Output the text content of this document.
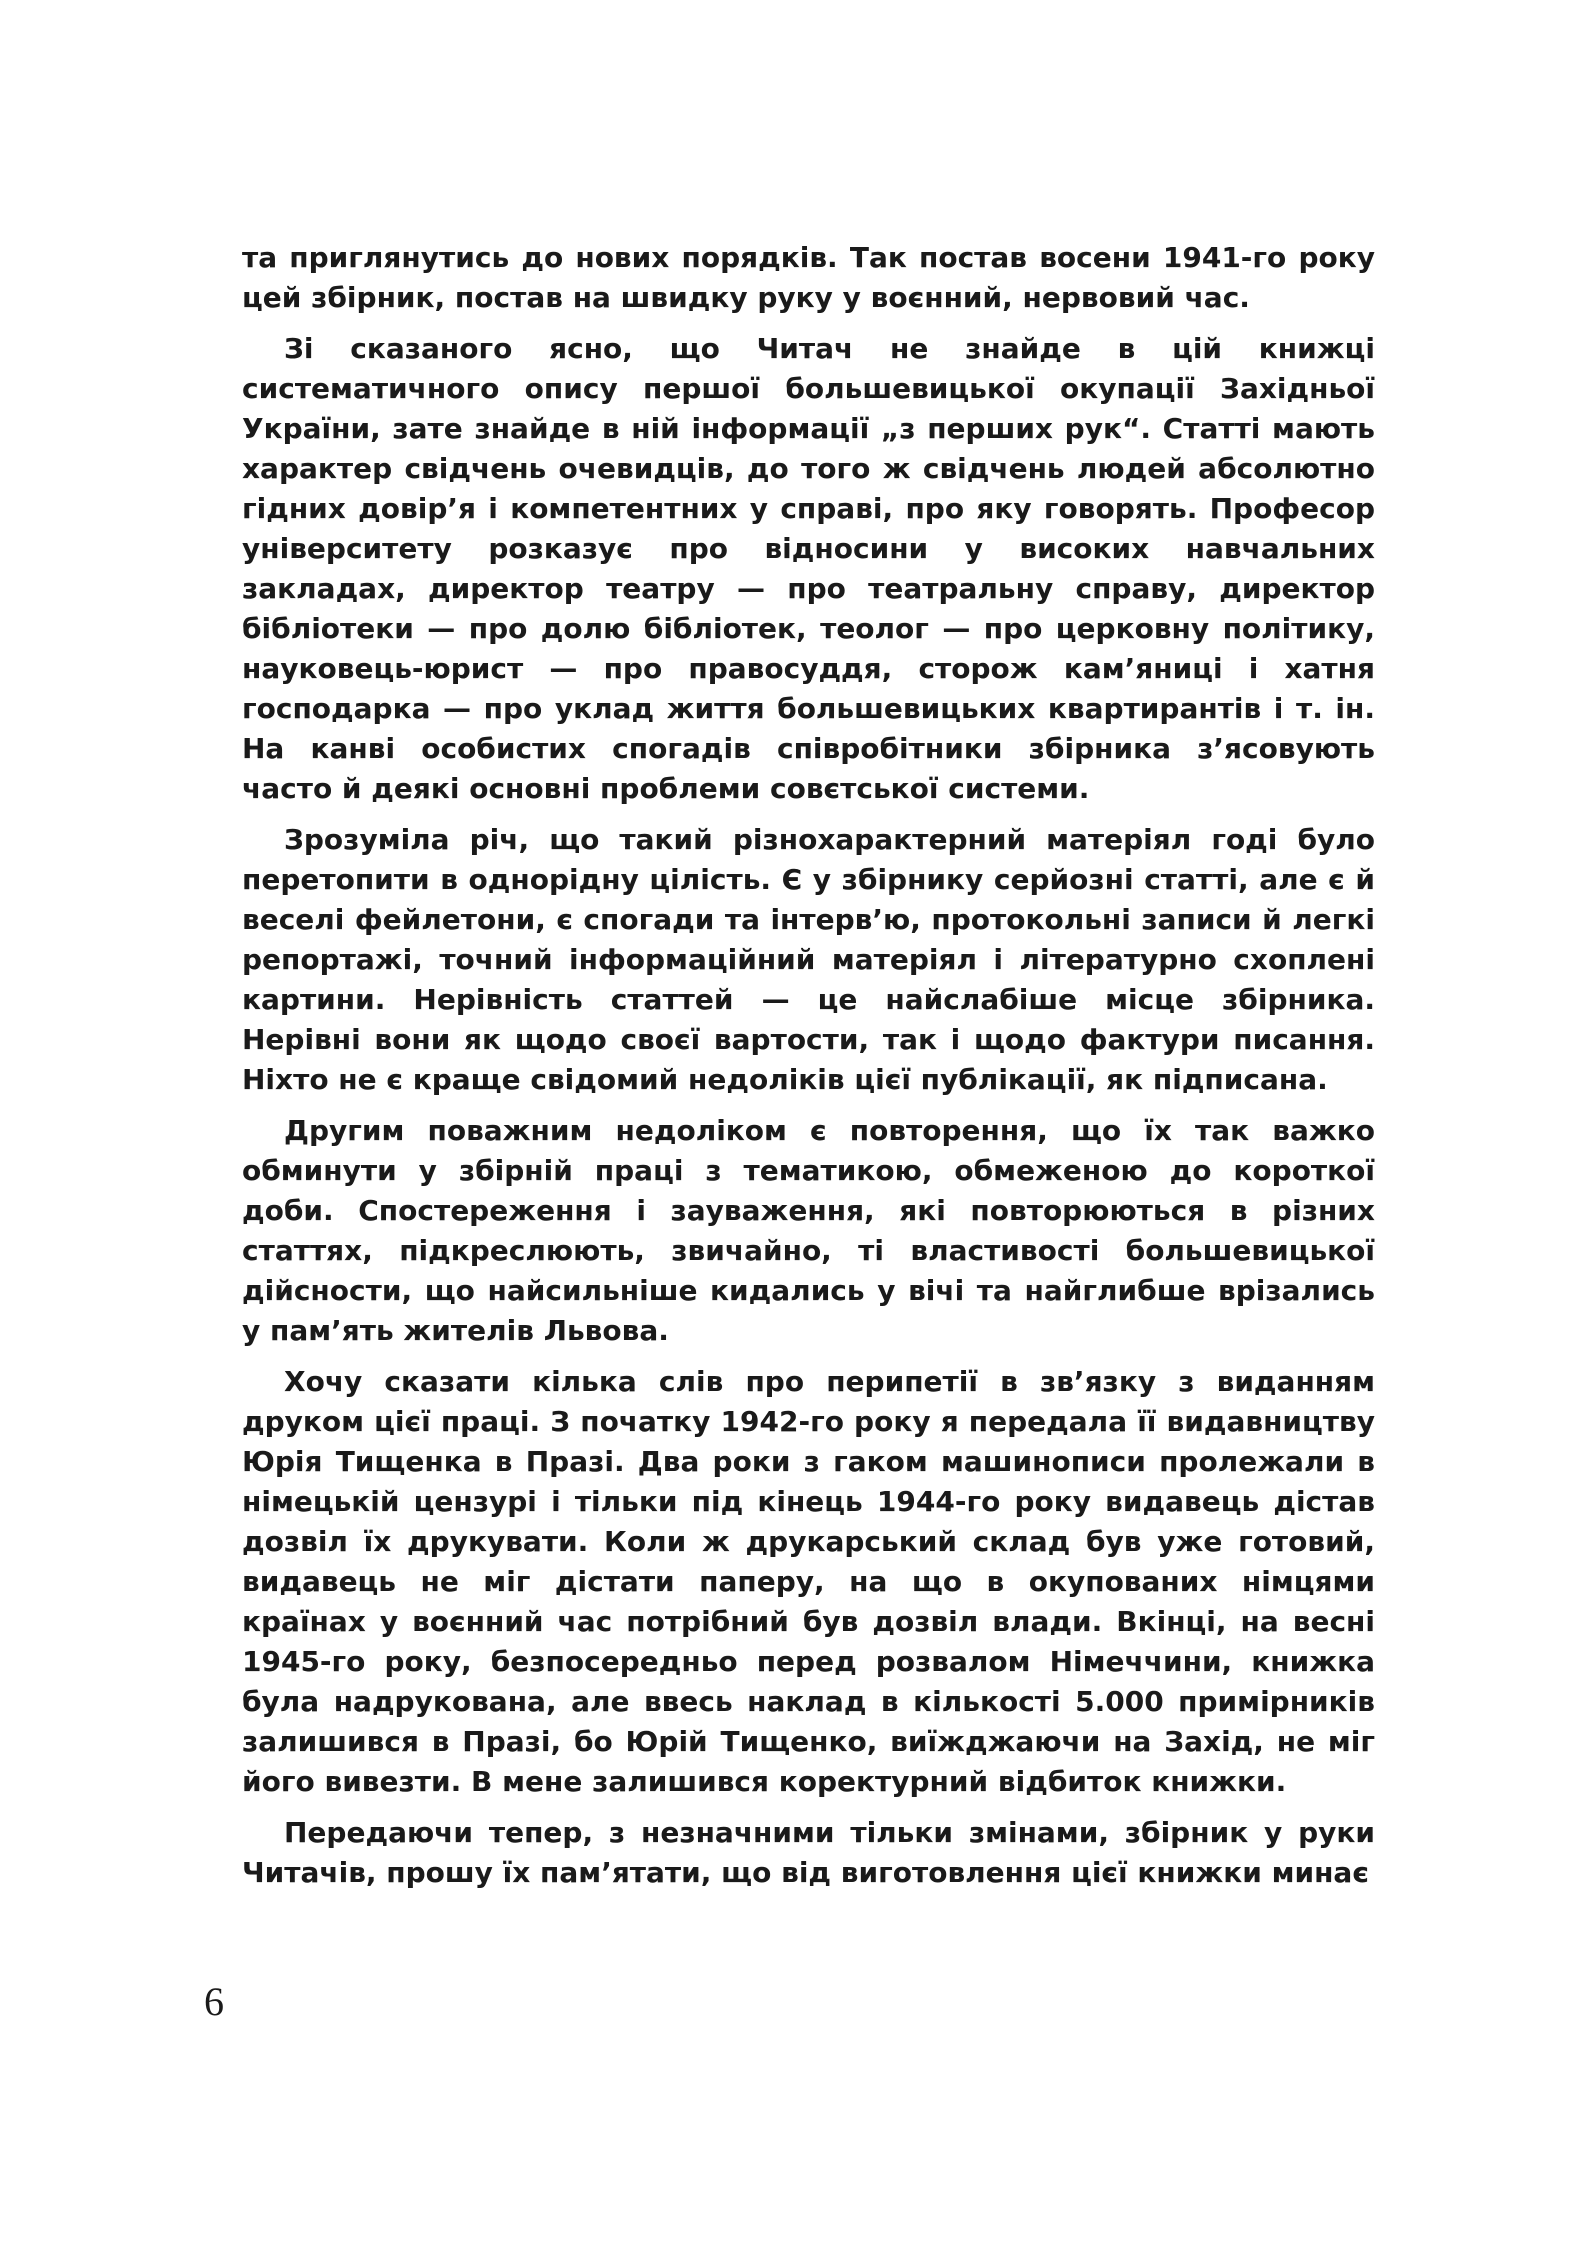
та приглянутись до нових порядків. Так постав восени 1941-го року цей збірник, постав на швидку руку у воєнний, нервовий час.

Зі сказаного ясно, що Читач не знайде в цій книжці систематичного опису першої большевицької окупації Західньої України, зате знайде в ній інформації „з перших рук“. Статті мають характер свідчень очевидців, до того ж свідчень людей абсолютно гідних довір’я і компетентних у справі, про яку говорять. Професор університету розказує про відносини у високих навчальних закладах, директор театру — про театральну справу, директор бібліотеки — про долю бібліотек, теолог — про церковну політику, науковець-юрист — про правосуддя, сторож кам’яниці і хатня господарка — про уклад життя большевицьких квартирантів і т. ін. На канві особистих спогадів співробітники збірника з’ясовують часто й деякі основні проблеми совєтської системи.

Зрозуміла річ, що такий різнохарактерний матеріял годі було перетопити в однорідну цілість. Є у збірнику серйозні статті, але є й веселі фейлетони, є спогади та інтерв’ю, протокольні записи й легкі репортажі, точний інформаційний матеріял і літературно схоплені картини. Нерівність статтей — це найслабіше місце збірника. Нерівні вони як щодо своєї вартости, так і щодо фактури писання. Ніхто не є краще свідомий недоліків цієї публікації, як підписана.

Другим поважним недоліком є повторення, що їх так важко обминути у збірній праці з тематикою, обмеженою до короткої доби. Спостереження і зауваження, які повторюються в різних статтях, підкреслюють, звичайно, ті властивості большевицької дійсности, що найсильніше кидались у вічі та найглибше врізались у пам’ять жителів Львова.

Хочу сказати кілька слів про перипетії в зв’язку з виданням друком цієї праці. З початку 1942-го року я передала її видавництву Юрія Тищенка в Празі. Два роки з гаком машинописи пролежали в німецькій цензурі і тільки під кінець 1944-го року видавець дістав дозвіл їх друкувати. Коли ж друкарський склад був уже готовий, видавець не міг дістати паперу, на що в окупованих німцями країнах у воєнний час потрібний був дозвіл влади. Вкінці, на весні 1945-го року, безпосередньо перед розвалом Німеччини, книжка була надрукована, але ввесь наклад в кількості 5.000 примірників залишився в Празі, бо Юрій Тищенко, виїжджаючи на Захід, не міг його вивезти. В мене залишився коректурний відбиток книжки.

Передаючи тепер, з незначними тільки змінами, збірник у руки Читачів, прошу їх пам’ятати, що від виготовлення цієї книжки минає

6
